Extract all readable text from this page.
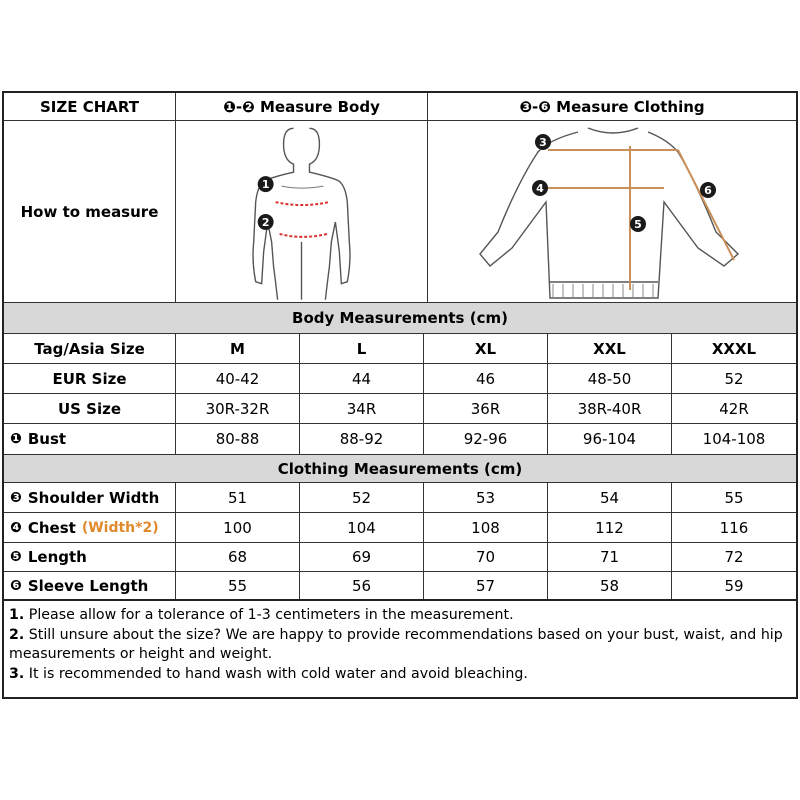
SIZE CHART	❶-❷ Measure Body	❸-❻ Measure Clothing
How to measure
1
2
3
4
5
6
Body Measurements (cm)
Tag/Asia Size	M	L	XL	XXL	XXXL
EUR Size	40-42	44	46	48-50	52
US Size	30R-32R	34R	36R	38R-40R	42R
❶ Bust	80-88	88-92	92-96	96-104	104-108
Clothing Measurements (cm)
❸ Shoulder Width	51	52	53	54	55
❹ Chest (Width*2)	100	104	108	112	116
❺ Length	68	69	70	71	72
❻ Sleeve Length	55	56	57	58	59
1. Please allow for a tolerance of 1-3 centimeters in the measurement.
2. Still unsure about the size? We are happy to provide recommendations based on your bust, waist, and hip measurements or height and weight.
3. It is recommended to hand wash with cold water and avoid bleaching.
